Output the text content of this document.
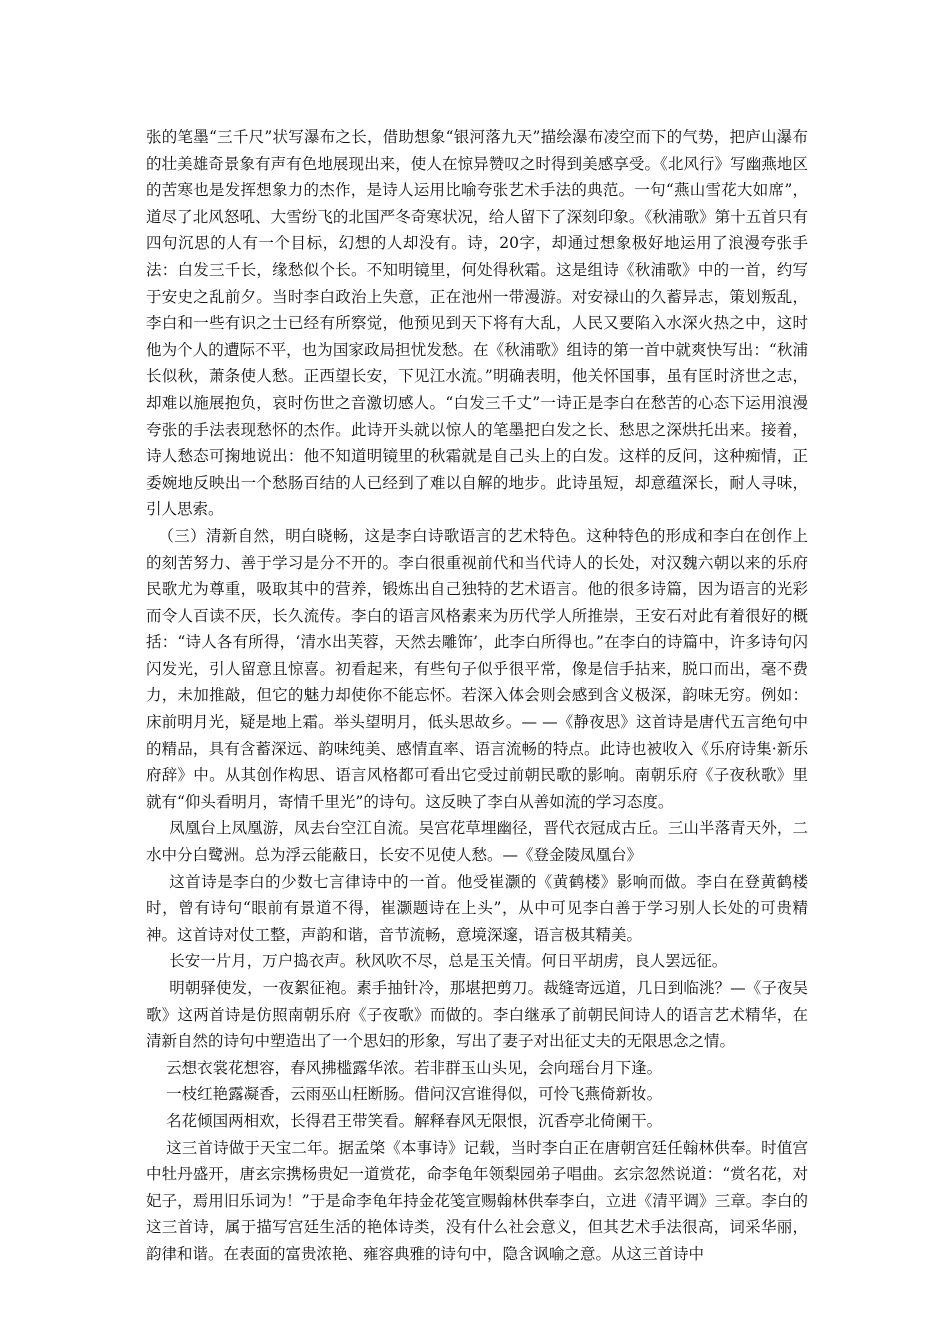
张的笔墨“三千尺”状写瀑布之长，借助想象“银河落九天”描绘瀑布凌空而下的气势，把庐山瀑布的壮美雄奇景象有声有色地展现出来，使人在惊异赞叹之时得到美感享受。《北风行》写幽燕地区的苦寒也是发挥想象力的杰作，是诗人运用比喻夸张艺术手法的典范。一句“燕山雪花大如席”，道尽了北风怒吼、大雪纷飞的北国严冬奇寒状况，给人留下了深刻印象。《秋浦歌》第十五首只有四句沉思的人有一个目标，幻想的人却没有。诗，20字，却通过想象极好地运用了浪漫夸张手法：白发三千长，缘愁似个长。不知明镜里，何处得秋霜。这是组诗《秋浦歌》中的一首，约写于安史之乱前夕。当时李白政治上失意，正在池州一带漫游。对安禄山的久蓄异志，策划叛乱，李白和一些有识之士已经有所察觉，他预见到天下将有大乱，人民又要陷入水深火热之中，这时他为个人的遭际不平，也为国家政局担忧发愁。在《秋浦歌》组诗的第一首中就爽快写出：“秋浦长似秋，萧条使人愁。正西望长安，下见江水流。”明确表明，他关怀国事，虽有匡时济世之志，却难以施展抱负，哀时伤世之音激切感人。“白发三千丈”一诗正是李白在愁苦的心态下运用浪漫夸张的手法表现愁怀的杰作。此诗开头就以惊人的笔墨把白发之长、愁思之深烘托出来。接着，诗人愁态可掬地说出：他不知道明镜里的秋霜就是自己头上的白发。这样的反问，这种痴情，正委婉地反映出一个愁肠百结的人已经到了难以自解的地步。此诗虽短，却意蕴深长，耐人寻味，引人思索。

（三）清新自然，明白晓畅，这是李白诗歌语言的艺术特色。这种特色的形成和李白在创作上的刻苦努力、善于学习是分不开的。李白很重视前代和当代诗人的长处，对汉魏六朝以来的乐府民歌尤为尊重，吸取其中的营养，锻炼出自己独特的艺术语言。他的很多诗篇，因为语言的光彩而令人百读不厌，长久流传。李白的语言风格素来为历代学人所推崇，王安石对此有着很好的概括：“诗人各有所得，‘清水出芙蓉，天然去雕饰’，此李白所得也。”在李白的诗篇中，许多诗句闪闪发光，引人留意且惊喜。初看起来，有些句子似乎很平常，像是信手拈来，脱口而出，毫不费力，未加推敲，但它的魅力却使你不能忘怀。若深入体会则会感到含义极深，韵味无穷。例如：床前明月光，疑是地上霜。举头望明月，低头思故乡。— —《静夜思》这首诗是唐代五言绝句中的精品，具有含蓄深远、韵味纯美、感情直率、语言流畅的特点。此诗也被收入《乐府诗集·新乐府辞》中。从其创作构思、语言风格都可看出它受过前朝民歌的影响。南朝乐府《子夜秋歌》里就有“仰头看明月，寄情千里光”的诗句。这反映了李白从善如流的学习态度。

凤凰台上凤凰游，凤去台空江自流。吴宫花草埋幽径，晋代衣冠成古丘。三山半落青天外，二水中分白鹭洲。总为浮云能蔽日，长安不见使人愁。—《登金陵凤凰台》

这首诗是李白的少数七言律诗中的一首。他受崔灏的《黄鹤楼》影响而做。李白在登黄鹤楼时，曾有诗句“眼前有景道不得，崔灏题诗在上头”，从中可见李白善于学习别人长处的可贵精神。这首诗对仗工整，声韵和谐，音节流畅，意境深邃，语言极其精美。

长安一片月，万户捣衣声。秋风吹不尽，总是玉关情。何日平胡虏，良人罢远征。

明朝驿使发，一夜絮征袍。素手抽针冷，那堪把剪刀。裁缝寄远道，几日到临洮？—《子夜吴歌》这两首诗是仿照南朝乐府《子夜歌》而做的。李白继承了前朝民间诗人的语言艺术精华，在清新自然的诗句中塑造出了一个思妇的形象，写出了妻子对出征丈夫的无限思念之情。

云想衣裳花想容，春风拂槛露华浓。若非群玉山头见，会向瑶台月下逢。

一枝红艳露凝香，云雨巫山枉断肠。借问汉宫谁得似，可怜飞燕倚新妆。

名花倾国两相欢，长得君王带笑看。解释春风无限恨，沉香亭北倚阑干。

这三首诗做于天宝二年。据孟棨《本事诗》记载，当时李白正在唐朝宫廷任翰林供奉。时值宫中牡丹盛开，唐玄宗携杨贵妃一道赏花，命李龟年领梨园弟子唱曲。玄宗忽然说道：“赏名花，对妃子，焉用旧乐词为！”于是命李龟年持金花笺宣赐翰林供奉李白，立进《清平调》三章。李白的这三首诗，属于描写宫廷生活的艳体诗类，没有什么社会意义，但其艺术手法很高，词采华丽，韵律和谐。在表面的富贵浓艳、雍容典雅的诗句中，隐含讽喻之意。从这三首诗中
